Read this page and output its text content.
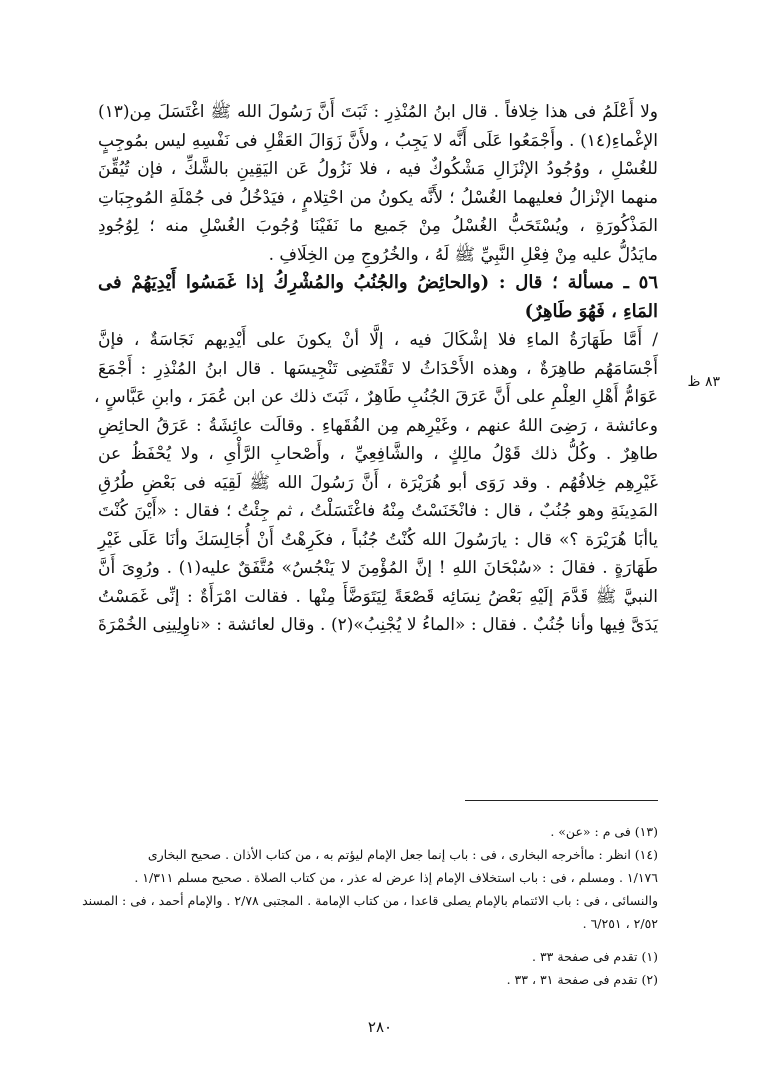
ولا أَعْلَمُ فى هذا خِلافاً . قال ابنُ المُنْذِرِ : ثَبَتَ أَنَّ رَسُولَ الله ﷺ اغْتَسَلَ مِن(١٣)
الإغْماءِ(١٤) . وأَجْمَعُوا عَلَى أَنَّه لا يَجِبُ ، ولأَنَّ زَوَالَ العَقْلِ فى نَفْسِهِ ليس بمُوجِبٍ
للغُسْلِ ، ووُجُودُ الإنْزَالِ مَشْكُوكٌ فيه ، فلا نَزُولُ عَن اليَقِينِ بالشَّكِّ ، فإن تُيُقِّنَ
منهما الإنْزالُ فعليهما الغُسْلُ ؛ لأَنَّه يكونُ من احْتِلامٍ ، فيَدْخُلُ فى جُمْلَةِ المُوجِبَاتِ
المَذْكُورَةِ ، ويُسْتَحَبُّ الغُسْلُ مِنْ جَميع ما نَفَيْنَا وُجُوبَ الغُسْلِ منه ؛ لِوُجُودِ
مايَدُلُّ عليه مِنْ فِعْلِ النَّبِيِّ ﷺ لَهُ ، والخُرُوجِ مِن الخِلَافِ .
٥٦ ـ مسألة ؛ قال : (والحائِضُ والجُنُبُ والمُشْرِكُ إذا غَمَسُوا أَيْدِيَهُمْ فى
المَاءِ ، فَهُوَ طَاهِرٌ)
/ أَمَّا طَهَارَةُ الماءِ فلا إشْكَالَ فيه ، إلَّا أنْ يكونَ على أَيْدِيهم نَجَاسَةٌ ، فإنَّ
أَجْسَامَهُم طاهِرَةٌ ، وهذه الأَحْدَاثُ لا تَقْتَضِى تَنْجِيسَها . قال ابنُ المُنْذِرِ : أَجْمَعَ
عَوَامُّ أَهْلِ العِلْمِ على أَنَّ عَرَقَ الجُنُبِ طَاهِرٌ ، ثَبَتَ ذلك عن ابن عُمَرَ ، وابنِ عَبَّاسٍ ،
وعائشة ، رَضِىَ اللهُ عنهم ، وغَيْرِهم مِن الفُقَهاءِ . وقالَت عائِشَةُ : عَرَقُ الحائِضِ
طاهِرٌ . وكُلُّ ذلك قَوْلُ مالِكٍ ، والشَّافِعِيِّ ، وأَصْحابِ الرَّأْىِ ، ولا يُحْفَظُ عن
غَيْرِهِم خِلافُهُم . وقد رَوَى أبو هُرَيْرَة ، أَنَّ رَسُولَ الله ﷺ لَقِيَه فى بَعْضِ طُرُقِ
المَدِينَةِ وهو جُنُبٌ ، قال : فانْخَنَسْتُ مِنْهُ فاغْتَسَلْتُ ، ثم جِئْتُ ؛ فقال : «أَيْنَ كُنْتَ
ياأبَا هُرَيْرَة ؟» قال : يارَسُولَ الله كُنْتُ جُنُباً ، فكَرِهْتُ أَنْ أُجَالِسَكَ وأنَا عَلَى غَيْرِ
طَهَارَةٍ . فقالَ : «سُبْحَانَ اللهِ ! إنَّ المُؤْمِنَ لا يَنْجُسُ» مُتَّفَقٌ عليه(١) . ورُوِىَ أَنَّ
النبيَّ ﷺ قَدَّمَ إلَيْهِ بَعْضُ نِسَائِه قَصْعَةً لِيَتَوَضَّأَ مِنْها . فقالت امْرَأَةٌ : إنِّى غَمَسْتُ
يَدَىَّ فِيها وأنا جُنُبٌ . فقال : «الماءُ لا يُجْنِبُ»(٢) . وقال لعائشة : «ناوِلِينِى الخُمْرَةَ
٨٣ ظ
(١٣) فى م : «عن» .
(١٤) انظر : ماأخرجه البخارى ، فى : باب إنما جعل الإمام ليؤتم به ، من كتاب الأذان . صحيح البخارى
١/١٧٦ . ومسلم ، فى : باب استخلاف الإمام إذا عرض له عذر ، من كتاب الصلاة . صحيح مسلم ١/٣١١ .
والنسائى ، فى : باب الائتمام بالإمام يصلى قاعدا ، من كتاب الإمامة . المجتبى ٢/٧٨ . والإمام أحمد ، فى : المسند
٢/٥٢ ، ٦/٢٥١ .
(١) تقدم فى صفحة ٣٣ .
(٢) تقدم فى صفحة ٣١ ، ٣٣ .
٢٨٠
